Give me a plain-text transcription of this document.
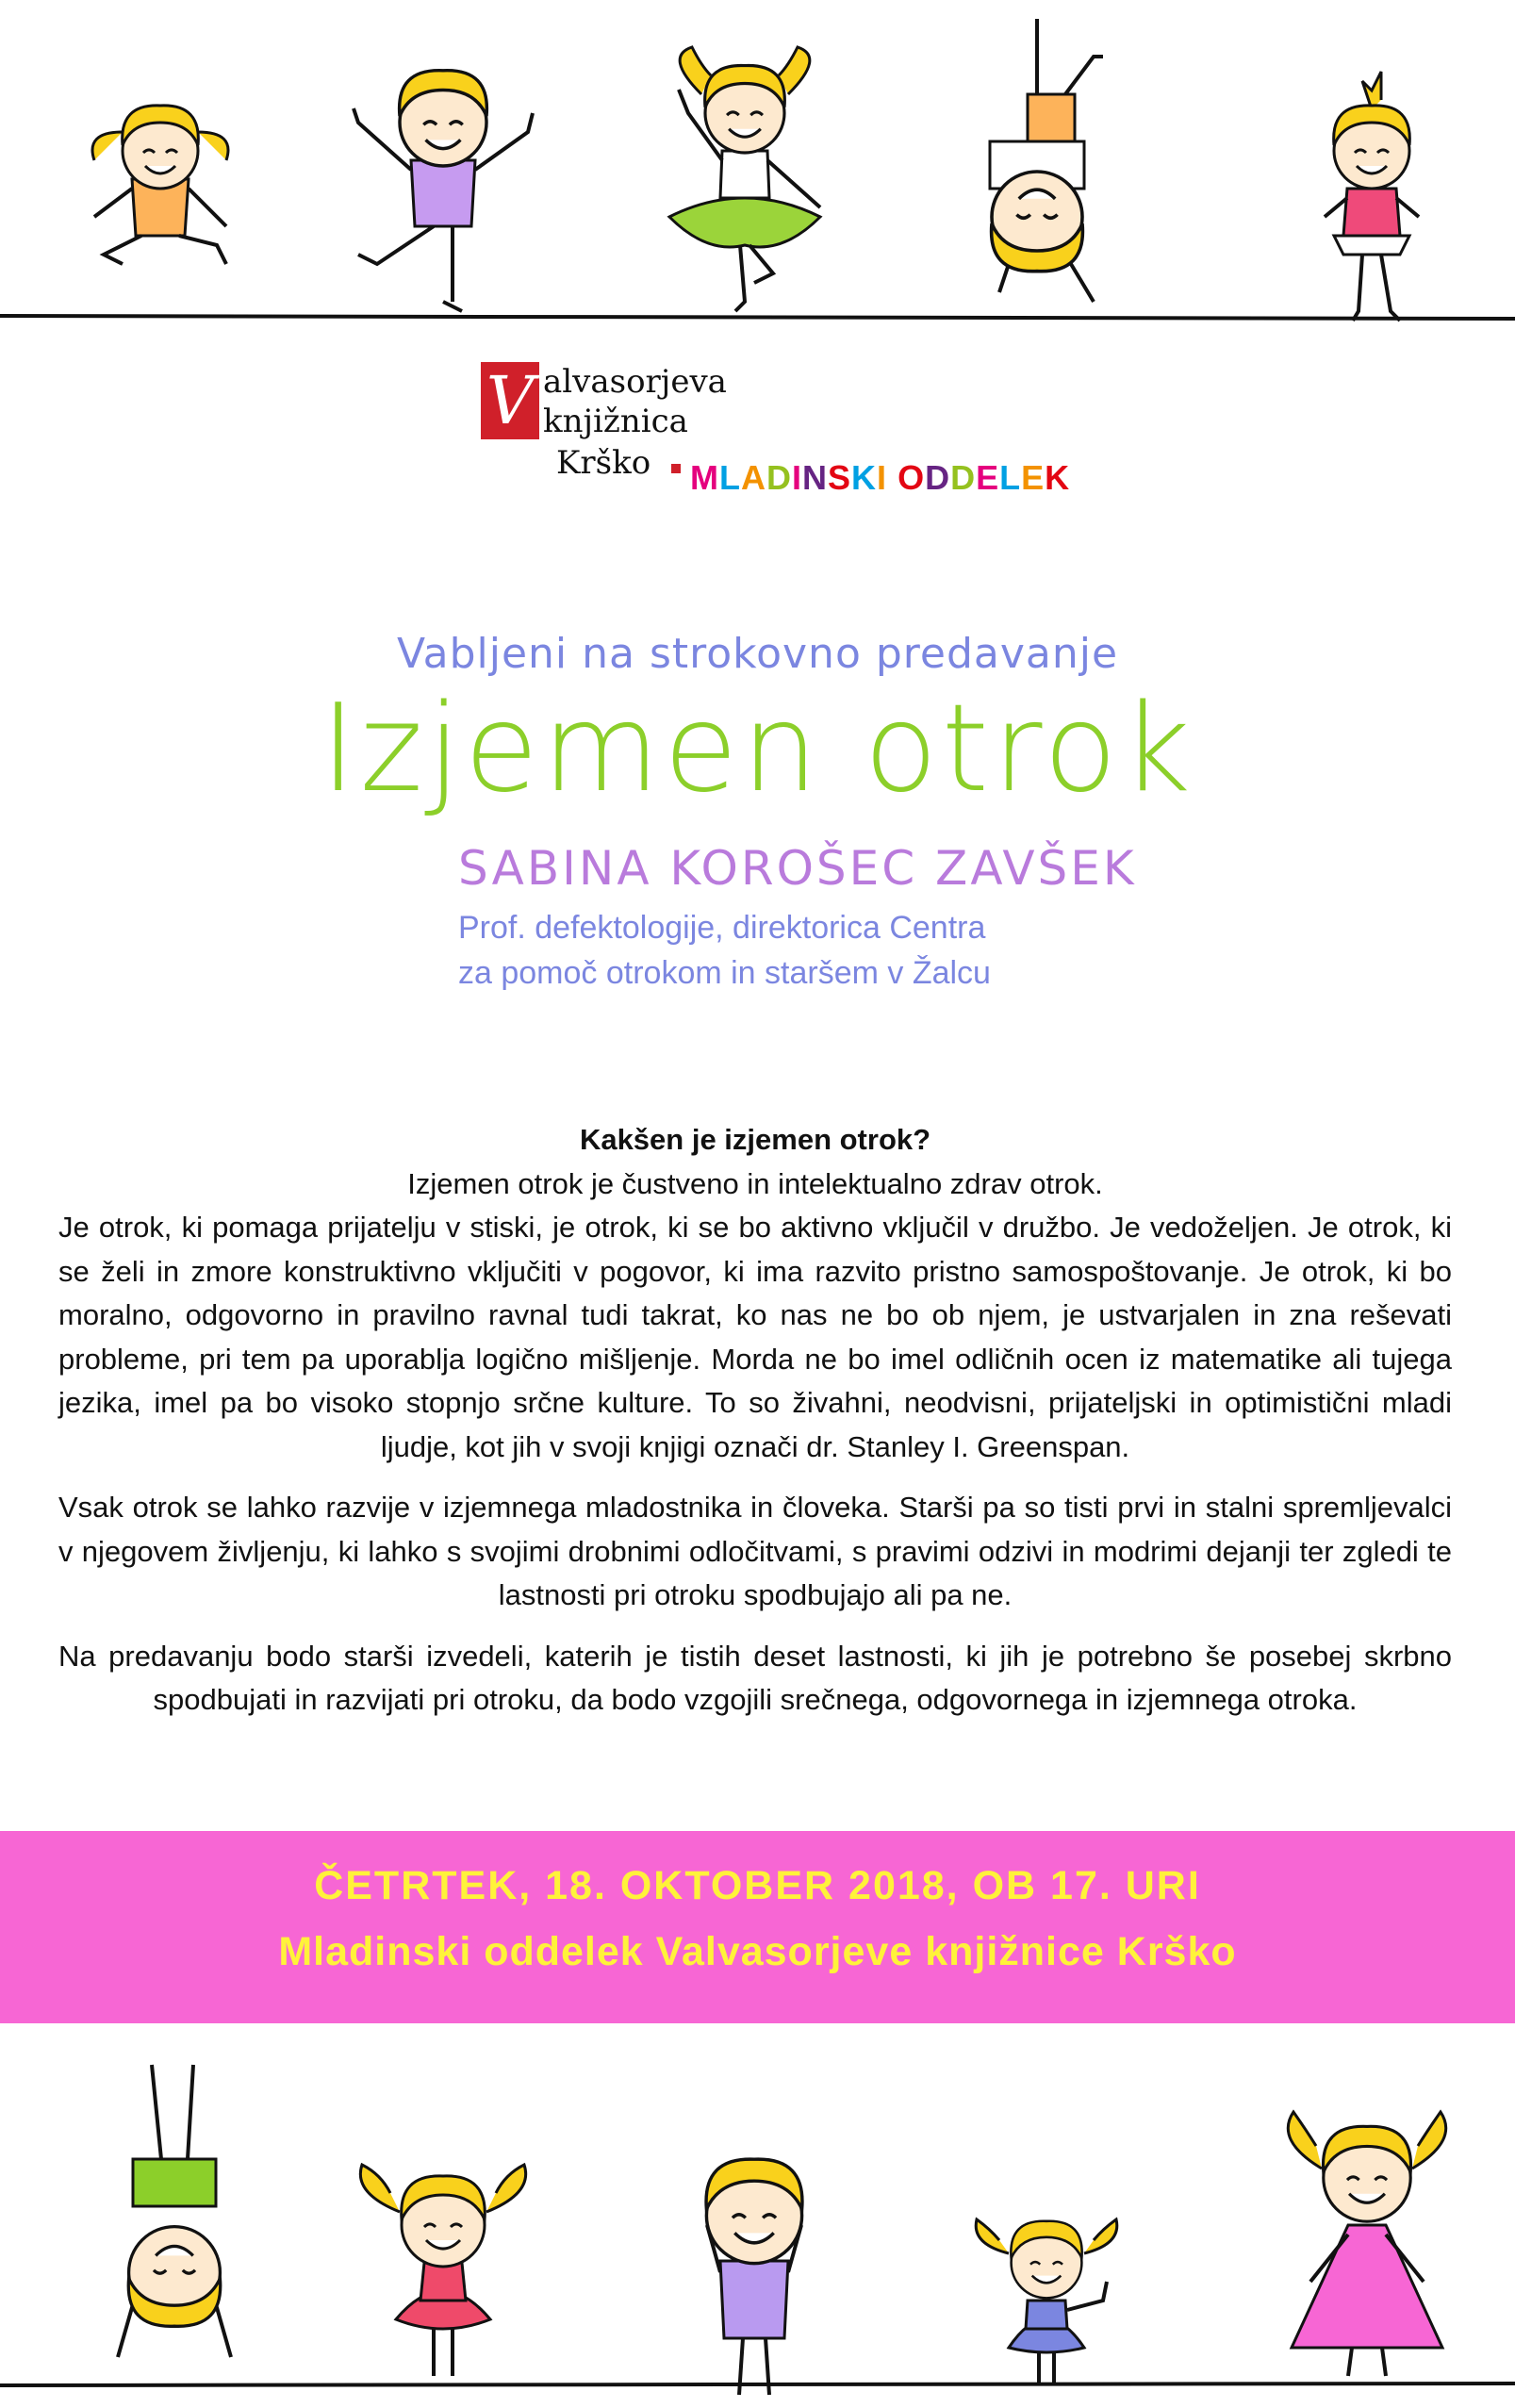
V alvasorjeva
knjižnica
Krško MLADINSKI ODDELEK
Vabljeni na strokovno predavanje
Izjemen otrok
SABINA KOROŠEC ZAVŠEK
Prof. defektologije, direktorica Centra
za pomoč otrokom in staršem v Žalcu
Kakšen je izjemen otrok?
Izjemen otrok je čustveno in intelektualno zdrav otrok.
Je otrok, ki pomaga prijatelju v stiski, je otrok, ki se bo aktivno vključil v družbo. Je vedoželjen. Je otrok, ki se želi in zmore konstruktivno vključiti v pogovor, ki ima razvito pristno samospoštovanje. Je otrok, ki bo moralno, odgovorno in pravilno ravnal tudi takrat, ko nas ne bo ob njem, je ustvarjalen in zna reševati probleme, pri tem pa uporablja logično mišljenje. Morda ne bo imel odličnih ocen iz matematike ali tujega jezika, imel pa bo visoko stopnjo srčne kulture. To so živahni, neodvisni, prijateljski in optimistični mladi ljudje, kot jih v svoji knjigi označi dr. Stanley I. Greenspan.
Vsak otrok se lahko razvije v izjemnega mladostnika in človeka. Starši pa so tisti prvi in stalni spremljevalci v njegovem življenju, ki lahko s svojimi drobnimi odločitvami, s pravimi odzivi in modrimi dejanji ter zgledi te lastnosti pri otroku spodbujajo ali pa ne.
Na predavanju bodo starši izvedeli, katerih je tistih deset lastnosti, ki jih je potrebno še posebej skrbno spodbujati in razvijati pri otroku, da bodo vzgojili srečnega, odgovornega in izjemnega otroka.
ČETRTEK, 18. OKTOBER 2018, OB 17. URI
Mladinski oddelek Valvasorjeve knjižnice Krško
